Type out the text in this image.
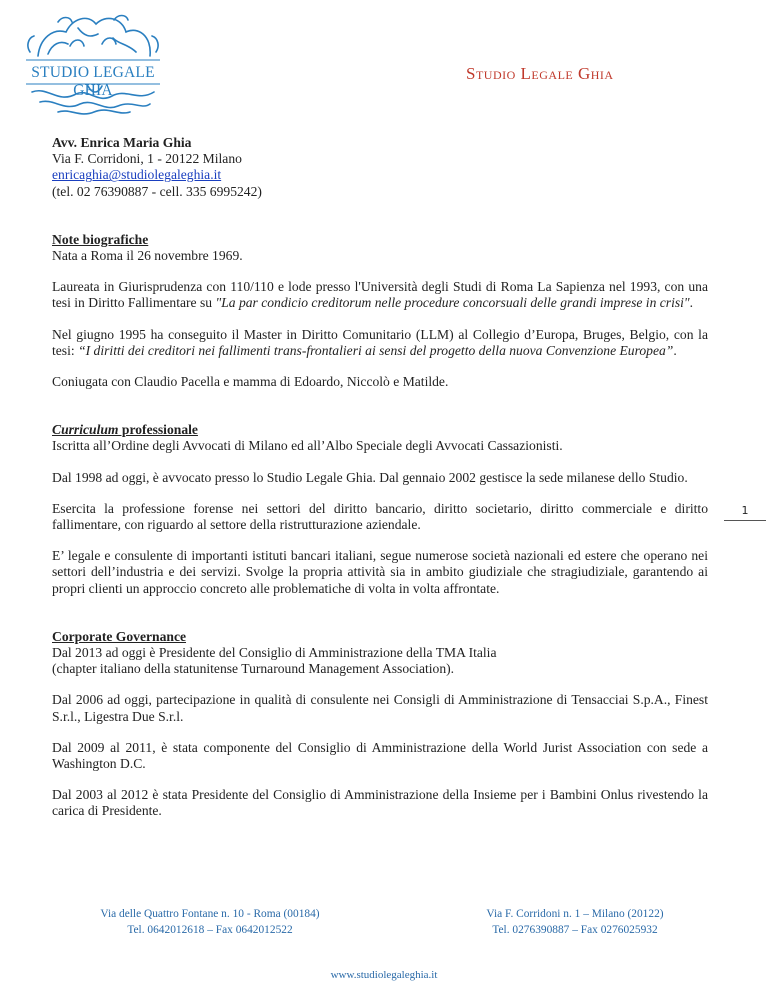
STUDIO LEGALE GHIA
Studio Legale Ghia
Avv. Enrica Maria Ghia
Via F. Corridoni, 1 - 20122 Milano
enricaghia@studiolegaleghia.it
(tel. 02 76390887 - cell. 335 6995242)
Note biografiche
Nata a Roma il 26 novembre 1969.

Laureata in Giurisprudenza con 110/110 e lode presso l'Università degli Studi di Roma La Sapienza nel 1993, con una tesi in Diritto Fallimentare su "La par condicio creditorum nelle procedure concorsuali delle grandi imprese in crisi".

Nel giugno 1995 ha conseguito il Master in Diritto Comunitario (LLM) al Collegio d’Europa, Bruges, Belgio, con la tesi: “I diritti dei creditori nei fallimenti trans-frontalieri ai sensi del progetto della nuova Convenzione Europea”.

Coniugata con Claudio Pacella e mamma di Edoardo, Niccolò e Matilde.

Curriculum professionale
Iscritta all’Ordine degli Avvocati di Milano ed all’Albo Speciale degli Avvocati Cassazionisti.

Dal 1998 ad oggi, è avvocato presso lo Studio Legale Ghia. Dal gennaio 2002 gestisce la sede milanese dello Studio.

Esercita la professione forense nei settori del diritto bancario, diritto societario, diritto commerciale e diritto fallimentare, con riguardo al settore della ristrutturazione aziendale.

E’ legale e consulente di importanti istituti bancari italiani, segue numerose società nazionali ed estere che operano nei settori dell’industria e dei servizi. Svolge la propria attività sia in ambito giudiziale che stragiudiziale, garantendo ai propri clienti un approccio concreto alle problematiche di volta in volta affrontate.

Corporate Governance
Dal 2013 ad oggi è Presidente del Consiglio di Amministrazione della TMA Italia
(chapter italiano della statunitense Turnaround Management Association).

Dal 2006 ad oggi, partecipazione in qualità di consulente nei Consigli di Amministrazione di Tensacciai S.p.A., Finest S.r.l., Ligestra Due S.r.l.

Dal 2009 al 2011, è stata componente del Consiglio di Amministrazione della World Jurist Association con sede a Washington D.C.

Dal 2003 al 2012 è stata Presidente del Consiglio di Amministrazione della Insieme per i Bambini Onlus rivestendo la carica di Presidente.

1
Via delle Quattro Fontane n. 10 - Roma (00184)
Tel. 0642012618 – Fax 0642012522
Via F. Corridoni n. 1 – Milano (20122)
Tel. 0276390887 – Fax 0276025932
www.studiolegaleghia.it
